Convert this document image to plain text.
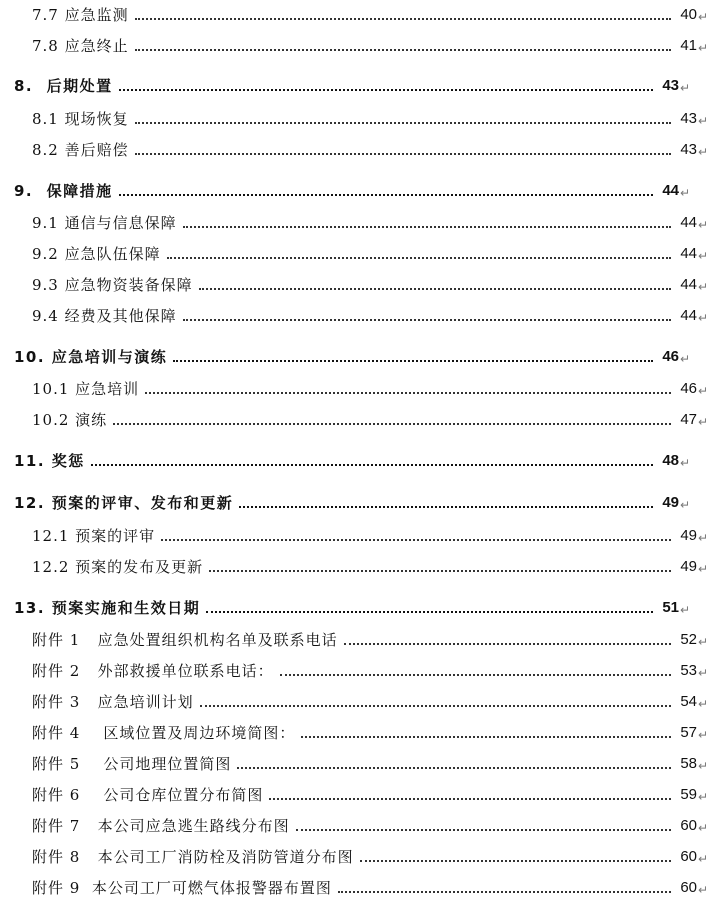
7.7 应急监测	40 ↵
7.8 应急终止	41 ↵
8.  后期处置	43 ↵
8.1 现场恢复	43 ↵
8.2 善后赔偿	43 ↵
9.  保障措施	44 ↵
9.1 通信与信息保障	44 ↵
9.2 应急队伍保障	44 ↵
9.3 应急物资装备保障	44 ↵
9.4 经费及其他保障	44 ↵
10. 应急培训与演练	46 ↵
10.1 应急培训	46 ↵
10.2 演练	47 ↵
11. 奖惩	48 ↵
12. 预案的评审、发布和更新	49 ↵
12.1 预案的评审	49 ↵
12.2 预案的发布及更新	49 ↵
13. 预案实施和生效日期	51 ↵
附件 1   应急处置组织机构名单及联系电话	52 ↵
附件 2   外部救援单位联系电话：	53 ↵
附件 3   应急培训计划	54 ↵
附件 4    区域位置及周边环境简图：	57 ↵
附件 5    公司地理位置简图	58 ↵
附件 6    公司仓库位置分布简图	59 ↵
附件 7   本公司应急逃生路线分布图	60 ↵
附件 8   本公司工厂消防栓及消防管道分布图	60 ↵
附件 9  本公司工厂可燃气体报警器布置图	60 ↵
